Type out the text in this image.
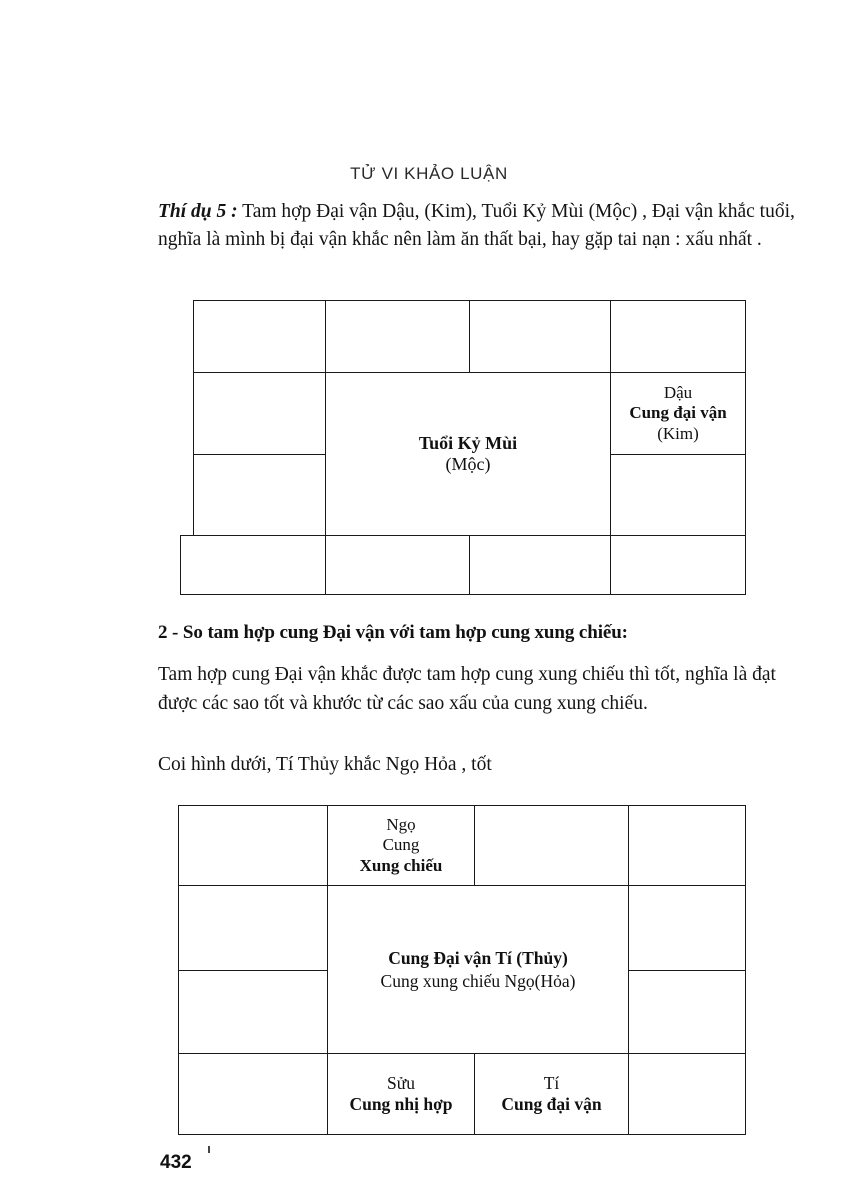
TỬ VI KHẢO LUẬN
Thí dụ 5 : Tam hợp Đại vận Dậu, (Kim), Tuổi Kỷ Mùi (Mộc) , Đại vận khắc tuổi, nghĩa là mình bị đại vận khắc nên làm ăn thất bại, hay gặp tai nạn : xấu nhất .
Tuổi Kỷ Mùi
(Mộc)
Dậu
Cung đại vận
(Kim)
2 - So tam hợp cung Đại vận với tam hợp cung xung chiếu:
Tam hợp cung Đại vận khắc được tam hợp cung xung chiếu thì tốt, nghĩa là đạt được các sao tốt và khước từ các sao xấu của cung xung chiếu.
Coi hình dưới, Tí Thủy khắc Ngọ Hỏa , tốt
Ngọ
Cung
Xung chiếu
Cung Đại vận Tí (Thủy)
Cung xung chiếu Ngọ(Hỏa)
Sửu
Cung nhị hợp
Tí
Cung đại vận
432
